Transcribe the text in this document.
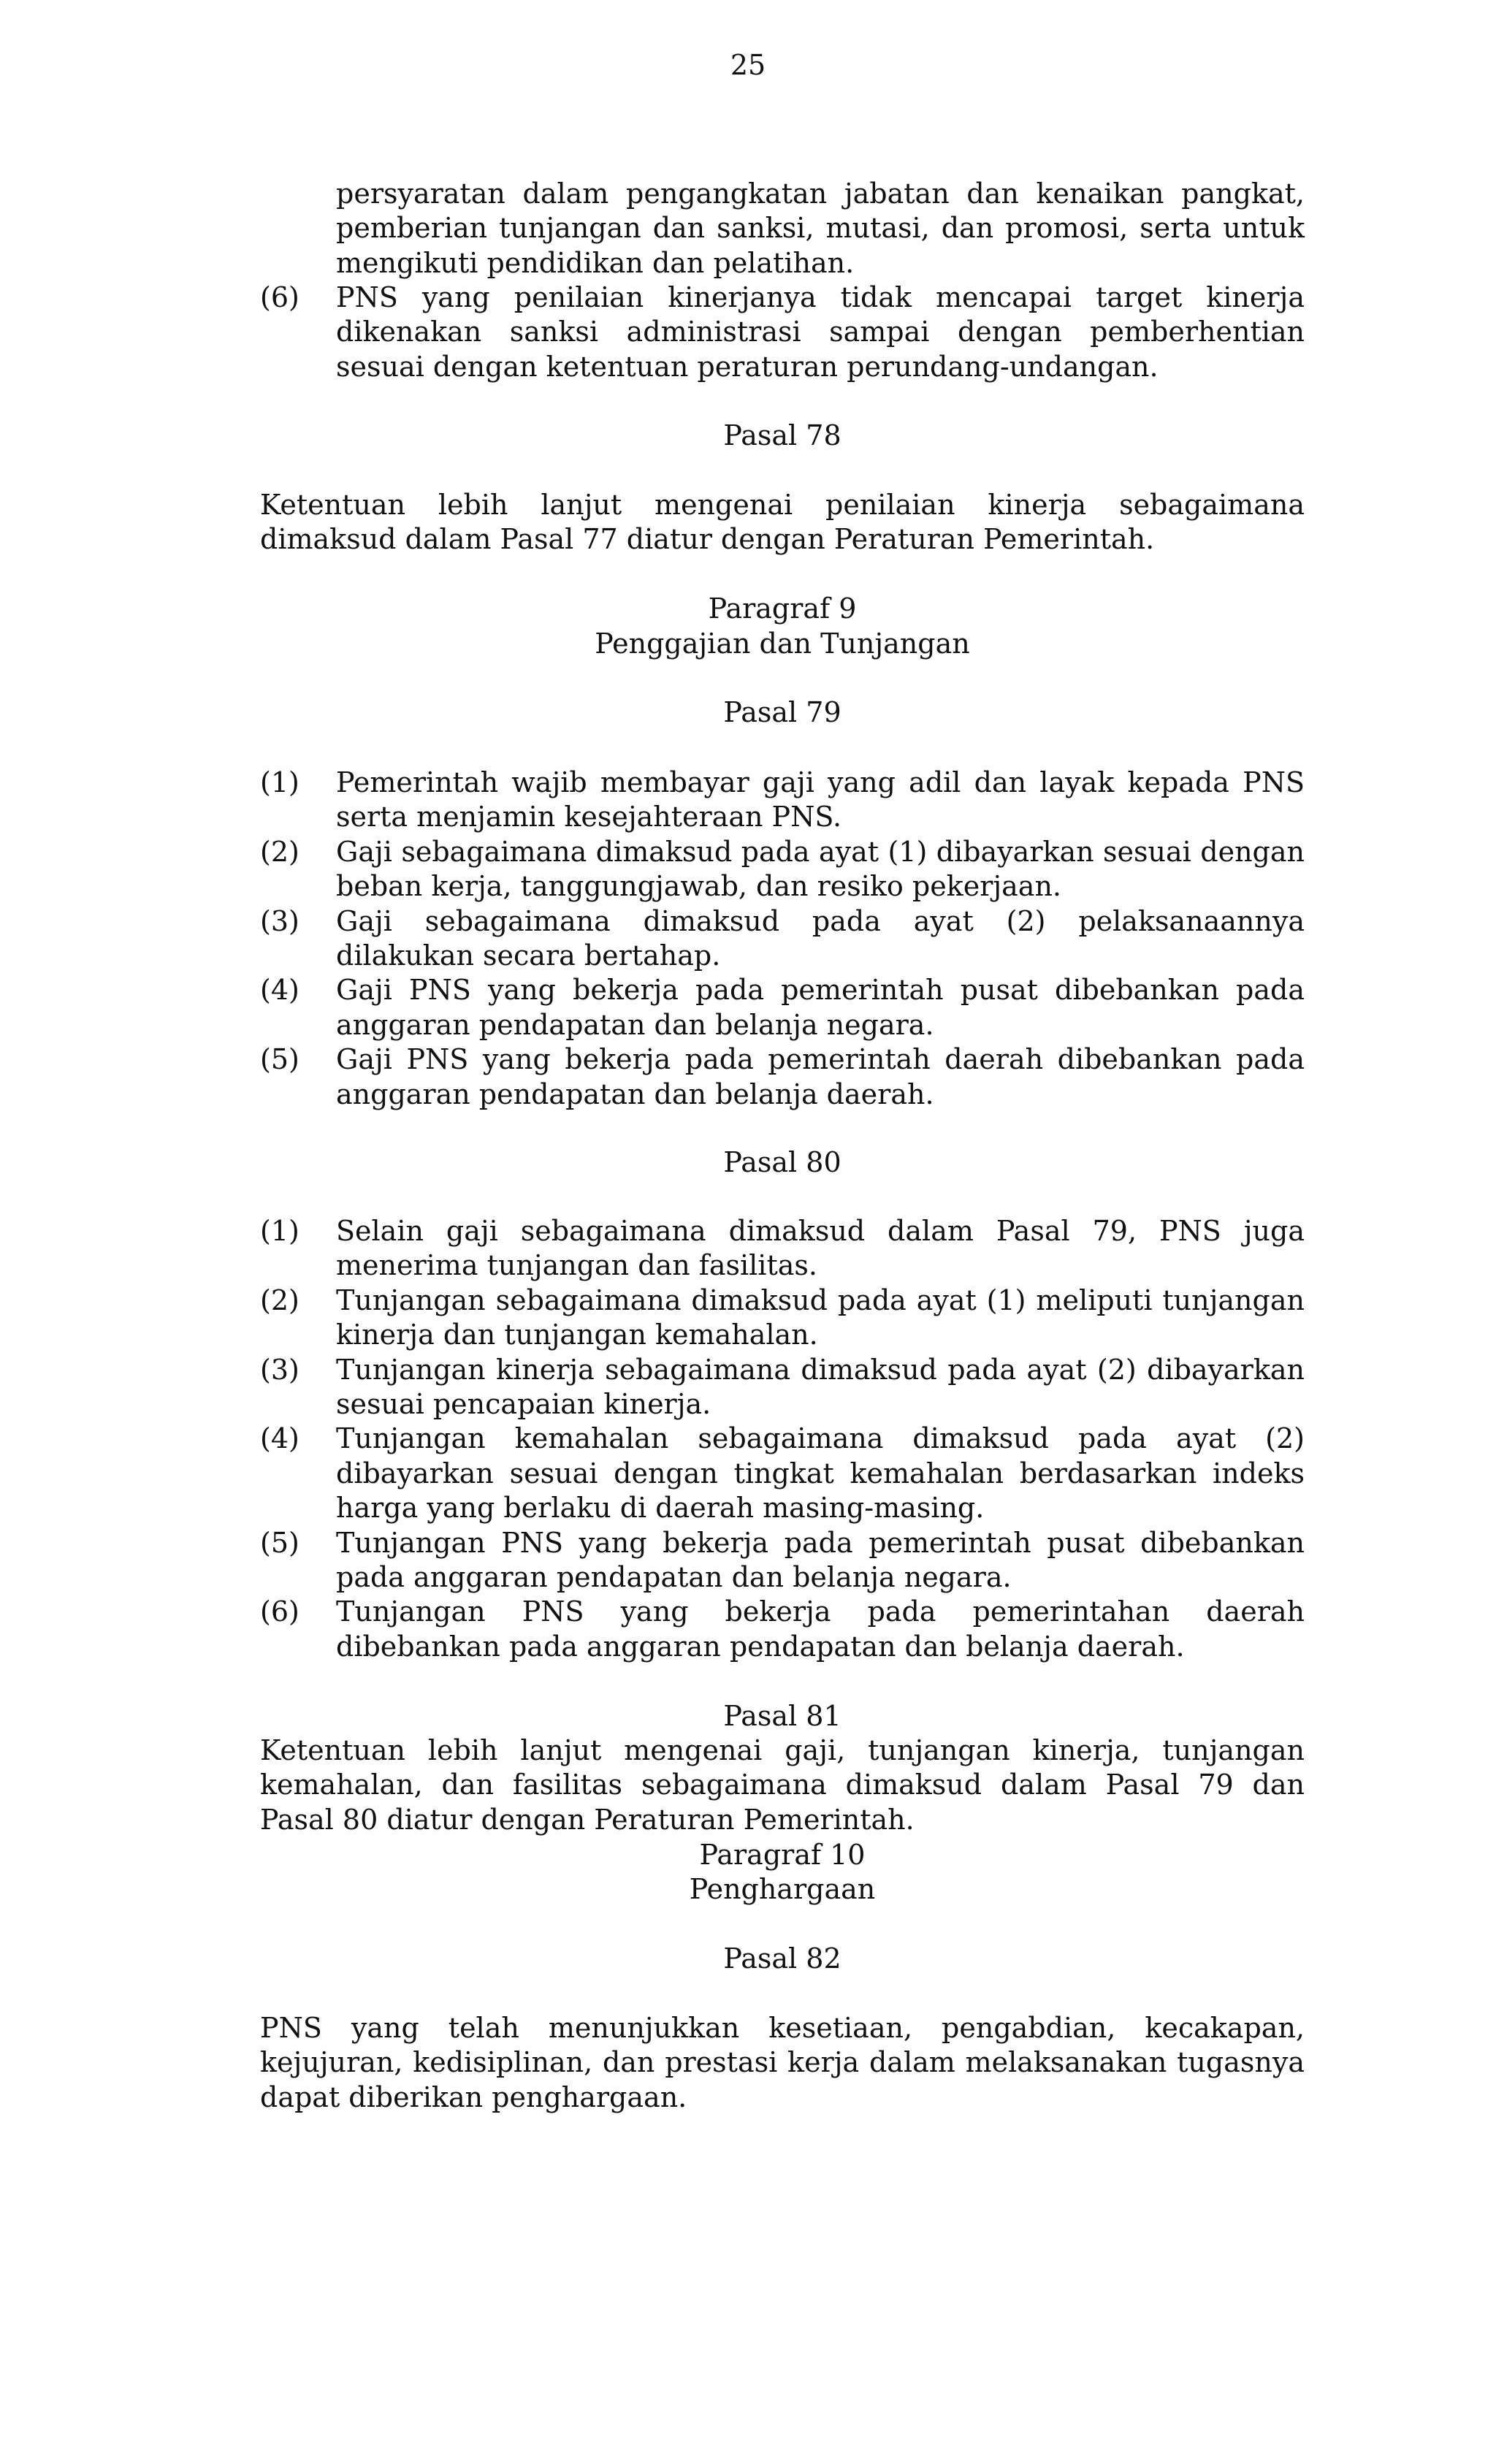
25
persyaratan dalam pengangkatan jabatan dan kenaikan pangkat, pemberian tunjangan dan sanksi, mutasi, dan promosi, serta untuk mengikuti pendidikan dan pelatihan.
(6) PNS yang penilaian kinerjanya tidak mencapai target kinerja dikenakan sanksi administrasi sampai dengan pemberhentian sesuai dengan ketentuan peraturan perundang-undangan.
Pasal 78
Ketentuan lebih lanjut mengenai penilaian kinerja sebagaimana dimaksud dalam Pasal 77 diatur dengan Peraturan Pemerintah.
Paragraf 9
Penggajian dan Tunjangan
Pasal 79
(1) Pemerintah wajib membayar gaji yang adil dan layak kepada PNS serta menjamin kesejahteraan PNS.
(2) Gaji sebagaimana dimaksud pada ayat (1) dibayarkan sesuai dengan beban kerja, tanggungjawab, dan resiko pekerjaan.
(3) Gaji sebagaimana dimaksud pada ayat (2) pelaksanaannya dilakukan secara bertahap.
(4) Gaji PNS yang bekerja pada pemerintah pusat dibebankan pada anggaran pendapatan dan belanja negara.
(5) Gaji PNS yang bekerja pada pemerintah daerah dibebankan pada anggaran pendapatan dan belanja daerah.
Pasal 80
(1) Selain gaji sebagaimana dimaksud dalam Pasal 79, PNS juga menerima tunjangan dan fasilitas.
(2) Tunjangan sebagaimana dimaksud pada ayat (1) meliputi tunjangan kinerja dan tunjangan kemahalan.
(3) Tunjangan kinerja sebagaimana dimaksud pada ayat (2) dibayarkan sesuai pencapaian kinerja.
(4) Tunjangan kemahalan sebagaimana dimaksud pada ayat (2) dibayarkan sesuai dengan tingkat kemahalan berdasarkan indeks harga yang berlaku di daerah masing-masing.
(5) Tunjangan PNS yang bekerja pada pemerintah pusat dibebankan pada anggaran pendapatan dan belanja negara.
(6) Tunjangan PNS yang bekerja pada pemerintahan daerah dibebankan pada anggaran pendapatan dan belanja daerah.
Pasal 81
Ketentuan lebih lanjut mengenai gaji, tunjangan kinerja, tunjangan kemahalan, dan fasilitas sebagaimana dimaksud dalam Pasal 79 dan Pasal 80 diatur dengan Peraturan Pemerintah.
Paragraf 10
Penghargaan
Pasal 82
PNS yang telah menunjukkan kesetiaan, pengabdian, kecakapan, kejujuran, kedisiplinan, dan prestasi kerja dalam melaksanakan tugasnya dapat diberikan penghargaan.
